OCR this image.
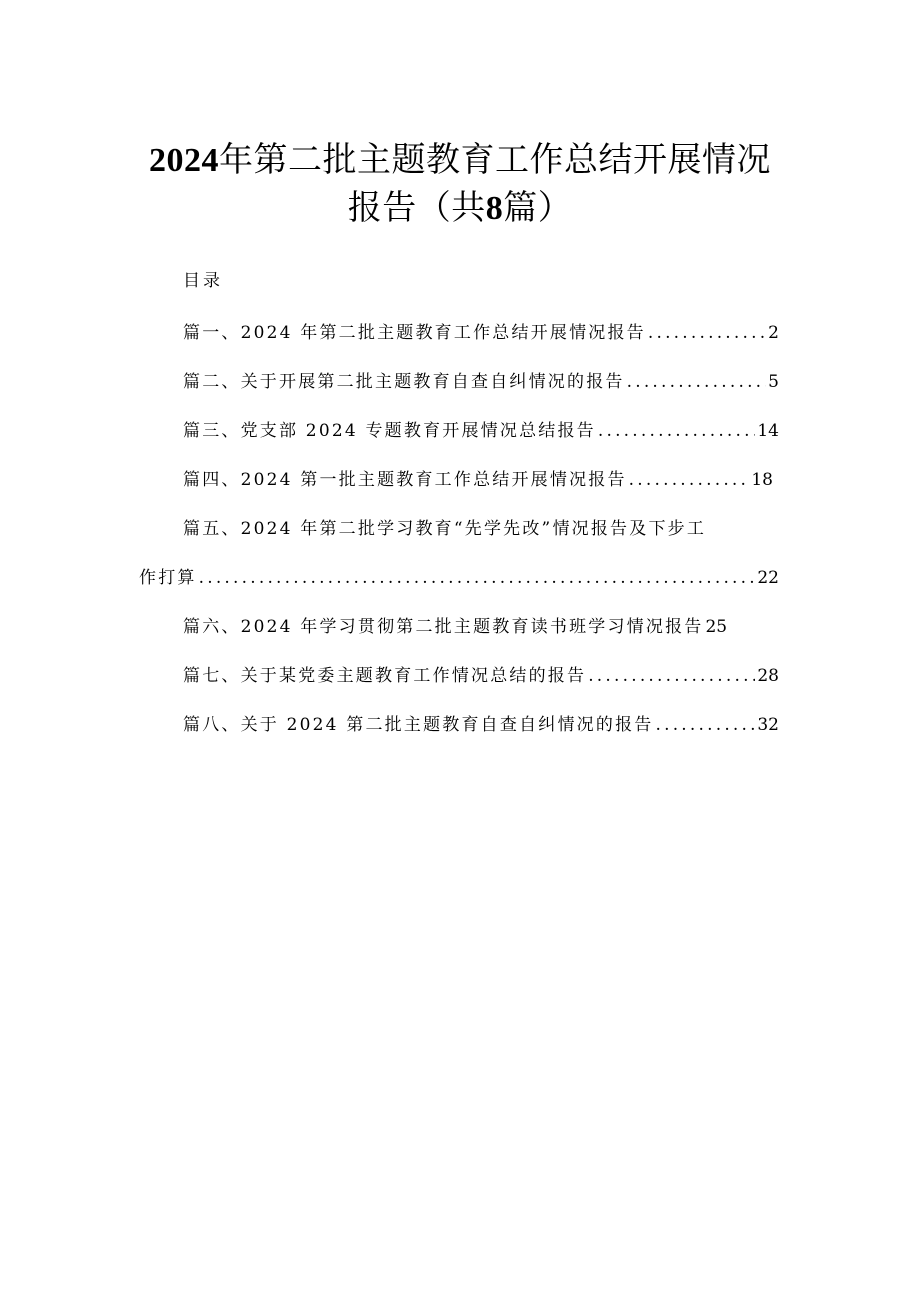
2024年第二批主题教育工作总结开展情况
报告（共8篇）
目录
篇一、2024 年第二批主题教育工作总结开展情况报告 .....	2
篇二、关于开展第二批主题教育自查自纠情况的报告 .....	5
篇三、党支部 2024 专题教育开展情况总结报告 .....	14
篇四、2024 第一批主题教育工作总结开展情况报告 .....	18
篇五、2024 年第二批学习教育“先学先改”情况报告及下步工
作打算 .....	22
篇六、2024 年学习贯彻第二批主题教育读书班学习情况报告 25
篇七、关于某党委主题教育工作情况总结的报告 .....	28
篇八、关于 2024 第二批主题教育自查自纠情况的报告 .....	32
